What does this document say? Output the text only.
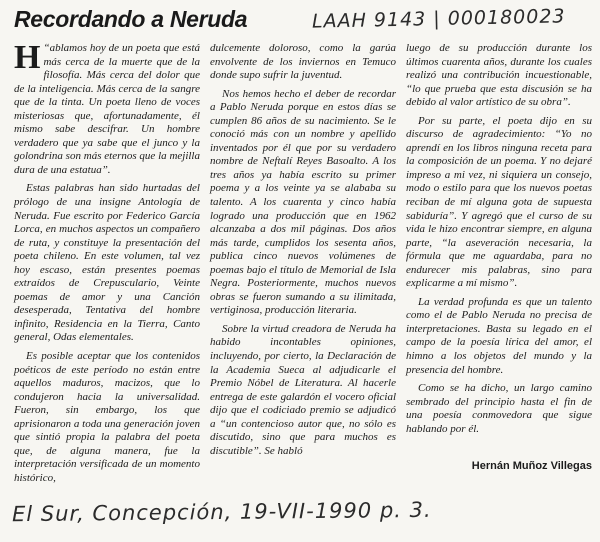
Recordando a Neruda	LAAH 9143 | 000180023

H “ablamos hoy de un poeta que está más cerca de la muerte que de la filosofía. Más cerca del dolor que de la inteligencia. Más cerca de la sangre que de la tinta. Un poeta lleno de voces misteriosas que, afortunadamente, él mismo sabe descifrar. Un hombre verdadero que ya sabe que el junco y la golondrina son más eternos que la mejilla dura de una estatua”.

Estas palabras han sido hurtadas del prólogo de una insigne Antología de Neruda. Fue escrito por Federico García Lorca, en muchos aspectos un compañero de ruta, y constituye la presentación del poeta chileno. En este volumen, tal vez hoy escaso, están presentes poemas extraídos de Crepusculario, Veinte poemas de amor y una Canción desesperada, Tentativa del hombre infinito, Residencia en la Tierra, Canto general, Odas elementales.

Es posible aceptar que los contenidos poéticos de este período no están entre aquellos maduros, macizos, que lo condujeron hacia la universalidad. Fueron, sin embargo, los que aprisionaron a toda una generación joven que sintió propia la palabra del poeta que, de alguna manera, fue la interpretación versificada de un momento histórico,

dulcemente doloroso, como la garúa envolvente de los inviernos en Temuco donde supo sufrir la juventud.

Nos hemos hecho el deber de recordar a Pablo Neruda porque en estos días se cumplen 86 años de su nacimiento. Se le conoció más con un nombre y apellido inventados por él que por su verdadero nombre de Neftalí Reyes Basoalto. A los tres años ya había escrito su primer poema y a los veinte ya se alababa su talento. A los cuarenta y cinco había logrado una producción que en 1962 alcanzaba a dos mil páginas. Dos años más tarde, cumplidos los sesenta años, publica cinco nuevos volúmenes de poemas bajo el título de Memorial de Isla Negra. Posteriormente, muchos nuevos obras se fueron sumando a su ilimitada, vertiginosa, producción literaria.

Sobre la virtud creadora de Neruda ha habido incontables opiniones, incluyendo, por cierto, la Declaración de la Academia Sueca al adjudicarle el Premio Nóbel de Literatura. Al hacerle entrega de este galardón el vocero oficial dijo que el codiciado premio se adjudicó a “un contencioso autor que, no sólo es discutido, sino que para muchos es discutible”. Se habló

luego de su producción durante los últimos cuarenta años, durante los cuales realizó una contribución incuestionable, “lo que prueba que esta discusión se ha debido al valor artístico de su obra”.

Por su parte, el poeta dijo en su discurso de agradecimiento: “Yo no aprendí en los libros ninguna receta para la composición de un poema. Y no dejaré impreso a mi vez, ni siquiera un consejo, modo o estilo para que los nuevos poetas reciban de mí alguna gota de supuesta sabiduría”. Y agregó que el curso de su vida le hizo encontrar siempre, en alguna parte, “la aseveración necesaria, la fórmula que me aguardaba, para no endurecer mis palabras, sino para explicarme a mí mismo”.

La verdad profunda es que un talento como el de Pablo Neruda no precisa de interpretaciones. Basta su legado en el campo de la poesía lírica del amor, el himno a los objetos del mundo y la presencia del hombre.

Como se ha dicho, un largo camino sembrado del principio hasta el fin de una poesía conmovedora que sigue hablando por él.

Hernán Muñoz Villegas
El Sur, Concepción, 19-VII-1990 p. 3.
